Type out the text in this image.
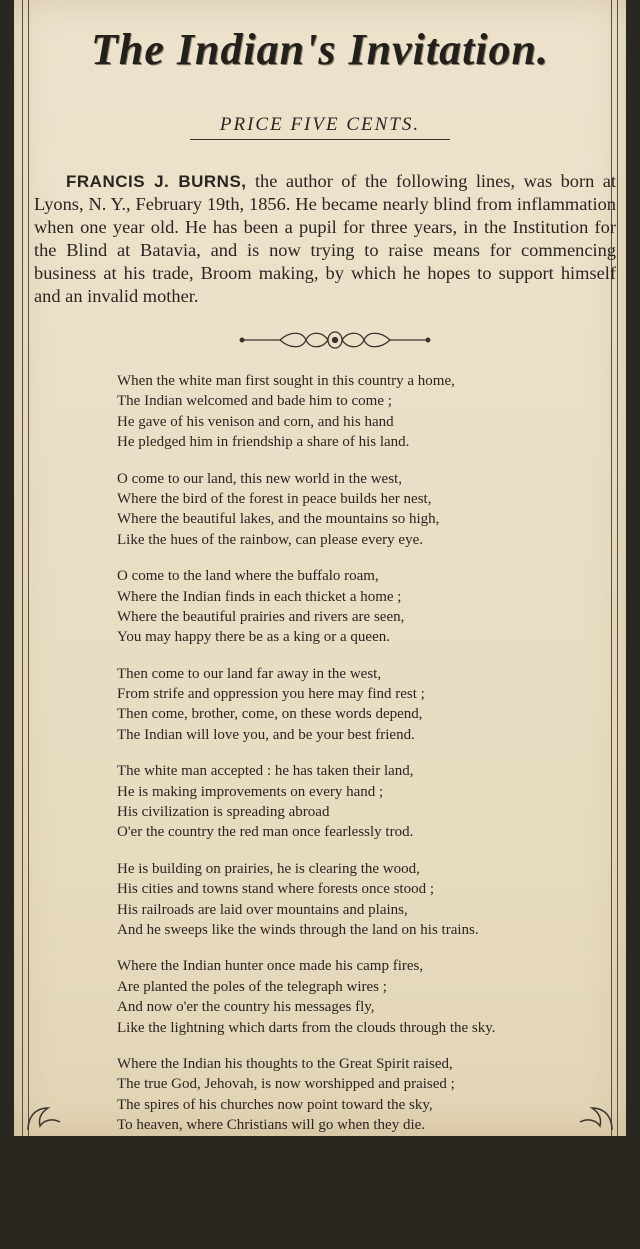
The Indian's Invitation.
PRICE FIVE CENTS.

FRANCIS J. BURNS, the author of the following lines, was born at Lyons, N. Y., February 19th, 1856. He became nearly blind from inflammation when one year old. He has been a pupil for three years, in the Institution for the Blind at Batavia, and is now trying to raise means for commencing business at his trade, Broom making, by which he hopes to support himself and an invalid mother.

When the white man first sought in this country a home,
The Indian welcomed and bade him to come ;
He gave of his venison and corn, and his hand
He pledged him in friendship a share of his land.
O come to our land, this new world in the west,
Where the bird of the forest in peace builds her nest,
Where the beautiful lakes, and the mountains so high,
Like the hues of the rainbow, can please every eye.
O come to the land where the buffalo roam,
Where the Indian finds in each thicket a home ;
Where the beautiful prairies and rivers are seen,
You may happy there be as a king or a queen.
Then come to our land far away in the west,
From strife and oppression you here may find rest ;
Then come, brother, come, on these words depend,
The Indian will love you, and be your best friend.
The white man accepted : he has taken their land,
He is making improvements on every hand ;
His civilization is spreading abroad
O'er the country the red man once fearlessly trod.
He is building on prairies, he is clearing the wood,
His cities and towns stand where forests once stood ;
His railroads are laid over mountains and plains,
And he sweeps like the winds through the land on his trains.
Where the Indian hunter once made his camp fires,
Are planted the poles of the telegraph wires ;
And now o'er the country his messages fly,
Like the lightning which darts from the clouds through the sky.
Where the Indian his thoughts to the Great Spirit raised,
The true God, Jehovah, is now worshipped and praised ;
The spires of his churches now point toward the sky,
To heaven, where Christians will go when they die.
God grant that mankind of every race
May prepare for a home in that sanctified place ;
That long as we live we may strive to do right,
And when death comes, in heaven we all may unite.
